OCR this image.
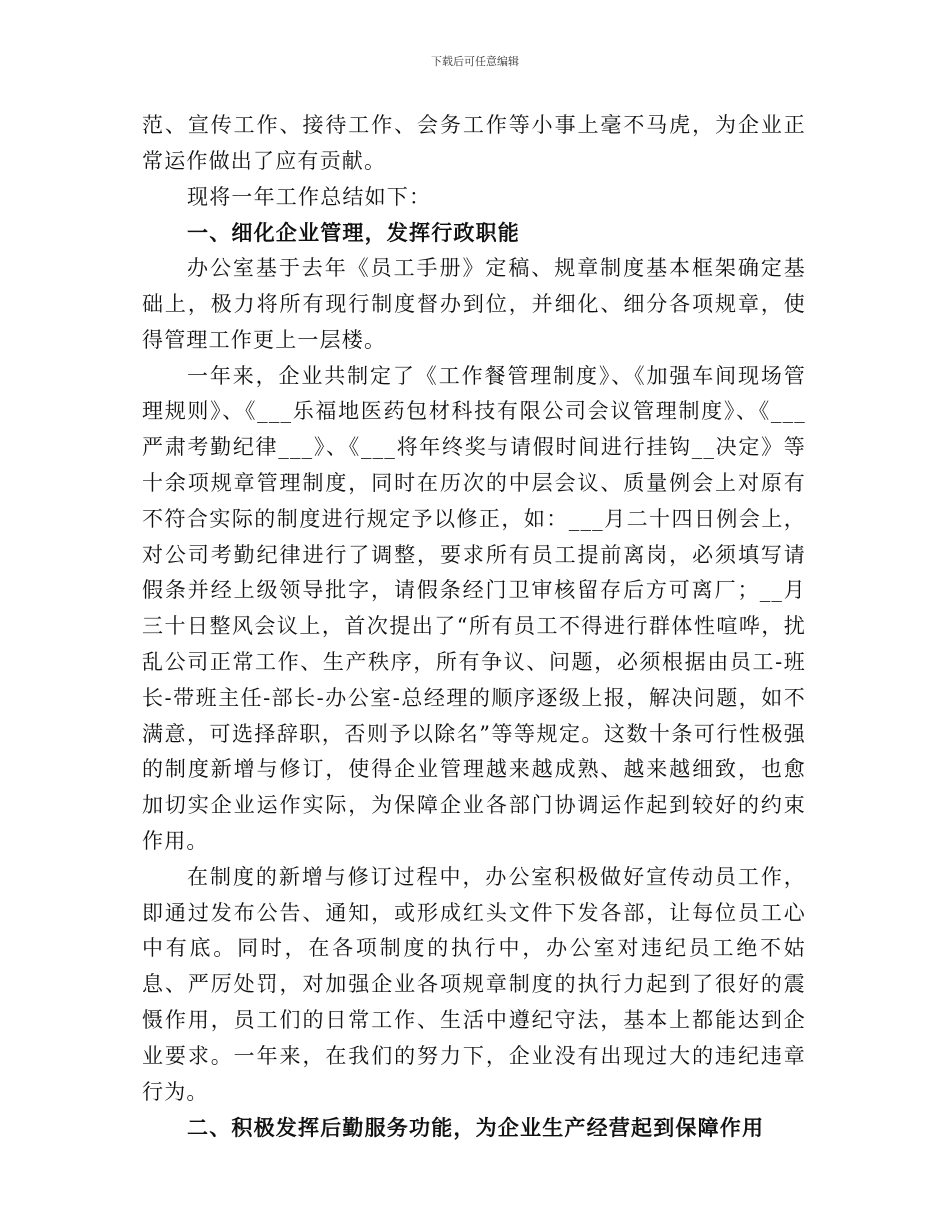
下载后可任意编辑

范、宣传工作、接待工作、会务工作等小事上毫不马虎，为企业正常运作做出了应有贡献。

现将一年工作总结如下：

一、细化企业管理，发挥行政职能

办公室基于去年《员工手册》定稿、规章制度基本框架确定基础上，极力将所有现行制度督办到位，并细化、细分各项规章，使得管理工作更上一层楼。

一年来，企业共制定了《工作餐管理制度》、《加强车间现场管理规则》、《___乐福地医药包材科技有限公司会议管理制度》、《___严肃考勤纪律___》、《___将年终奖与请假时间进行挂钩__决定》等十余项规章管理制度，同时在历次的中层会议、质量例会上对原有不符合实际的制度进行规定予以修正，如：___月二十四日例会上，对公司考勤纪律进行了调整，要求所有员工提前离岗，必须填写请假条并经上级领导批字，请假条经门卫审核留存后方可离厂；__月三十日整风会议上，首次提出了“所有员工不得进行群体性喧哗，扰乱公司正常工作、生产秩序，所有争议、问题，必须根据由员工-班长-带班主任-部长-办公室-总经理的顺序逐级上报，解决问题，如不满意，可选择辞职，否则予以除名”等等规定。这数十条可行性极强的制度新增与修订，使得企业管理越来越成熟、越来越细致，也愈加切实企业运作实际，为保障企业各部门协调运作起到较好的约束作用。

在制度的新增与修订过程中，办公室积极做好宣传动员工作，即通过发布公告、通知，或形成红头文件下发各部，让每位员工心中有底。同时，在各项制度的执行中，办公室对违纪员工绝不姑息、严厉处罚，对加强企业各项规章制度的执行力起到了很好的震慑作用，员工们的日常工作、生活中遵纪守法，基本上都能达到企业要求。一年来，在我们的努力下，企业没有出现过大的违纪违章行为。

二、积极发挥后勤服务功能，为企业生产经营起到保障作用
